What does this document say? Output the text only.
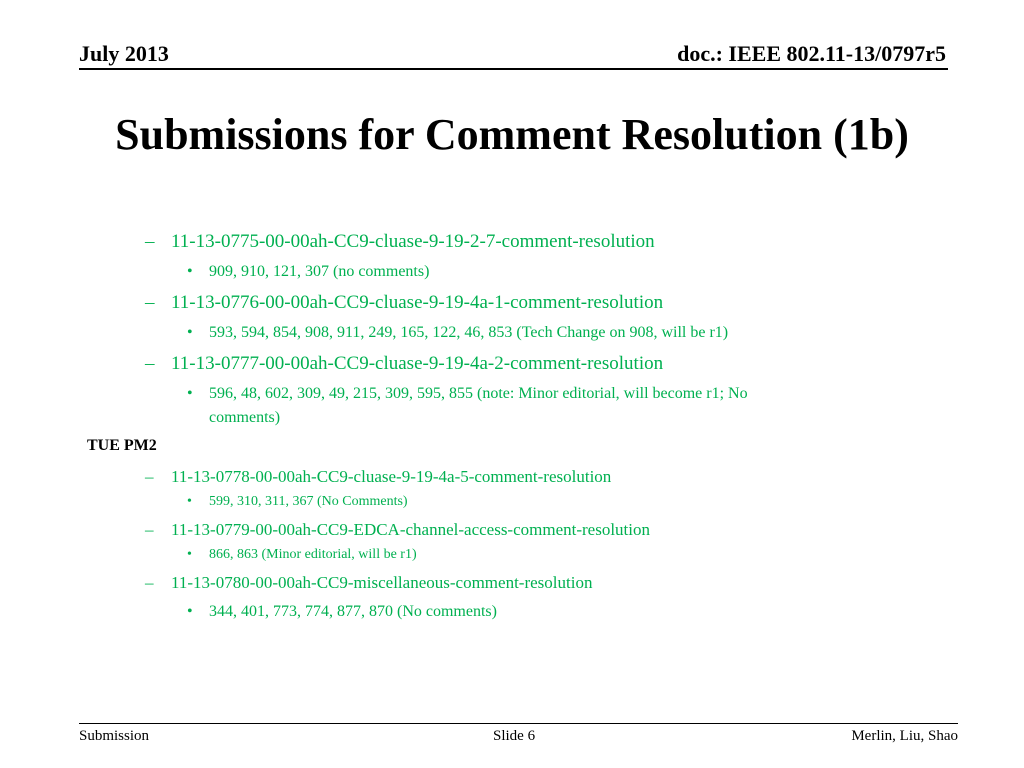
July 2013	doc.: IEEE 802.11-13/0797r5
Submissions for Comment Resolution (1b)
– 11-13-0775-00-00ah-CC9-cluase-9-19-2-7-comment-resolution
• 909, 910, 121, 307 (no comments)
– 11-13-0776-00-00ah-CC9-cluase-9-19-4a-1-comment-resolution
• 593, 594, 854, 908, 911, 249, 165, 122, 46, 853 (Tech Change on 908, will be r1)
– 11-13-0777-00-00ah-CC9-cluase-9-19-4a-2-comment-resolution
• 596, 48, 602, 309, 49, 215, 309, 595, 855 (note: Minor editorial, will become r1; No
comments)
TUE PM2
– 11-13-0778-00-00ah-CC9-cluase-9-19-4a-5-comment-resolution
• 599, 310, 311, 367 (No Comments)
– 11-13-0779-00-00ah-CC9-EDCA-channel-access-comment-resolution
• 866, 863 (Minor editorial, will be r1)
– 11-13-0780-00-00ah-CC9-miscellaneous-comment-resolution
• 344, 401, 773, 774, 877, 870 (No comments)
Submission	Slide 6	Merlin, Liu, Shao
